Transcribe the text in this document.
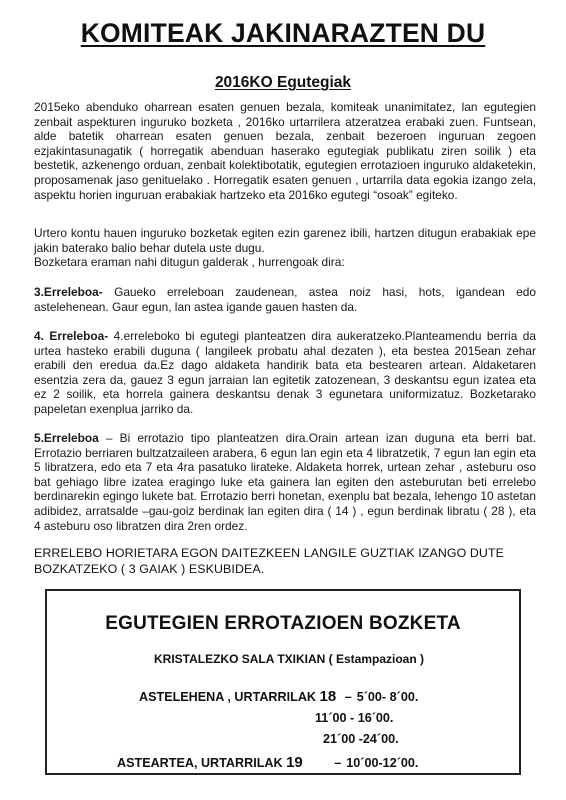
KOMITEAK JAKINARAZTEN DU
2016KO Egutegiak

2015eko abenduko oharrean esaten genuen bezala, komiteak unanimitatez, lan egutegien zenbait aspekturen inguruko bozketa , 2016ko urtarrilera atzeratzea erabaki zuen. Funtsean, alde batetik oharrean esaten genuen bezala, zenbait bezeroen inguruan zegoen ezjakintasunagatik ( horregatik abenduan haserako egutegiak publikatu ziren soilik ) eta bestetik, azkenengo orduan, zenbait kolektibotatik, egutegien errotazioen inguruko aldaketekin, proposamenak jaso genituelako . Horregatik esaten genuen , urtarrila data egokia izango zela, aspektu horien inguruan erabakiak hartzeko eta 2016ko egutegi “osoak” egiteko.

Urtero kontu hauen inguruko bozketak egiten ezin garenez ibili, hartzen ditugun erabakiak epe jakin baterako balio behar dutela uste dugu.

Bozketara eraman nahi ditugun galderak , hurrengoak dira:

3.Erreleboa- Gaueko erreleboan zaudenean, astea noiz hasi, hots, igandean edo astelehenean. Gaur egun, lan astea igande gauen hasten da.

4. Erreleboa- 4.erreleboko bi egutegi planteatzen dira aukeratzeko.Planteamendu berria da urtea hasteko erabili duguna ( langileek probatu ahal dezaten ), eta bestea 2015ean zehar erabili den eredua da.Ez dago aldaketa handirik bata eta bestearen artean. Aldaketaren esentzia zera da, gauez 3 egun jarraian lan egitetik zatozenean, 3 deskantsu egun izatea eta ez 2 soilik, eta horrela gainera deskantsu denak 3 egunetara uniformizatuz. Bozketarako papeletan exenplua jarriko da.

5.Erreleboa – Bi errotazio tipo planteatzen dira.Orain artean izan duguna eta berri bat. Errotazio berriaren bultzatzaileen arabera, 6 egun lan egin eta 4 libratzetik, 7 egun lan egin eta 5 libratzera, edo eta 7 eta 4ra pasatuko lirateke. Aldaketa horrek, urtean zehar , asteburu oso bat gehiago libre izatea eragingo luke eta gainera lan egiten den asteburutan beti errelebo berdinarekin egingo lukete bat. Errotazio berri honetan, exenplu bat bezala, lehengo 10 astetan adibidez, arratsalde –gau-goiz berdinak lan egiten dira ( 14 ) , egun berdinak libratu ( 28 ), eta 4 asteburu oso libratzen dira 2ren ordez.

ERRELEBO HORIETARA EGON DAITEZKEEN LANGILE GUZTIAK IZANGO DUTE BOZKATZEKO ( 3 GAIAK ) ESKUBIDEA.
EGUTEGIEN ERROTAZIOEN BOZKETA
KRISTALEZKO SALA TXIKIAN ( Estampazioan )
ASTELEHENA , URTARRILAK 18 – 5´00- 8´00.
11´00 - 16´00.
21´00 -24´00.
ASTEARTEA, URTARRILAK 19	– 10´00-12´00.
